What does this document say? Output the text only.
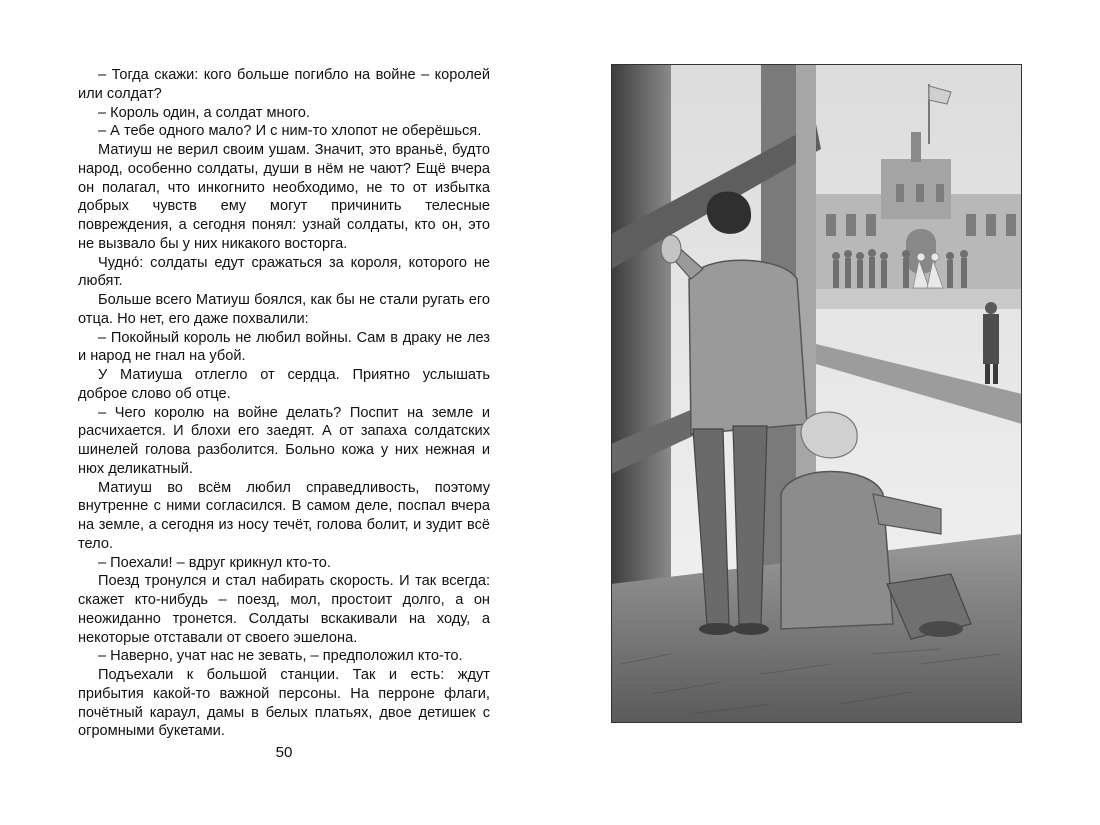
– Тогда скажи: кого больше погибло на войне – королей или солдат?

– Король один, а солдат много.

– А тебе одного мало? И с ним-то хлопот не оберёшься.

Матиуш не верил своим ушам. Значит, это враньё, будто народ, особенно солдаты, души в нём не чают? Ещё вчера он полагал, что инкогнито необходимо, не то от избытка добрых чувств ему могут причинить телесные повреждения, а сегодня понял: узнай солдаты, кто он, это не вызвало бы у них никакого восторга.

Чудно́: солдаты едут сражаться за короля, которого не любят.

Больше всего Матиуш боялся, как бы не стали ругать его отца. Но нет, его даже похвалили:

– Покойный король не любил войны. Сам в драку не лез и народ не гнал на убой.

У Матиуша отлегло от сердца. Приятно услышать доброе слово об отце.

– Чего королю на войне делать? Поспит на земле и расчихается. И блохи его заедят. А от запаха солдатских шинелей голова разболится. Больно кожа у них нежная и нюх деликатный.

Матиуш во всём любил справедливость, поэтому внутренне с ними согласился. В самом деле, поспал вчера на земле, а сегодня из носу течёт, голова болит, и зудит всё тело.

– Поехали! – вдруг крикнул кто-то.

Поезд тронулся и стал набирать скорость. И так всегда: скажет кто-нибудь – поезд, мол, простоит долго, а он неожиданно тронется. Солдаты вскакивали на ходу, а некоторые отставали от своего эшелона.

– Наверно, учат нас не зевать, – предположил кто-то.

Подъехали к большой станции. Так и есть: ждут прибытия какой-то важной персоны. На перроне флаги, почётный караул, дамы в белых платьях, двое детишек с огромными букетами.

50
